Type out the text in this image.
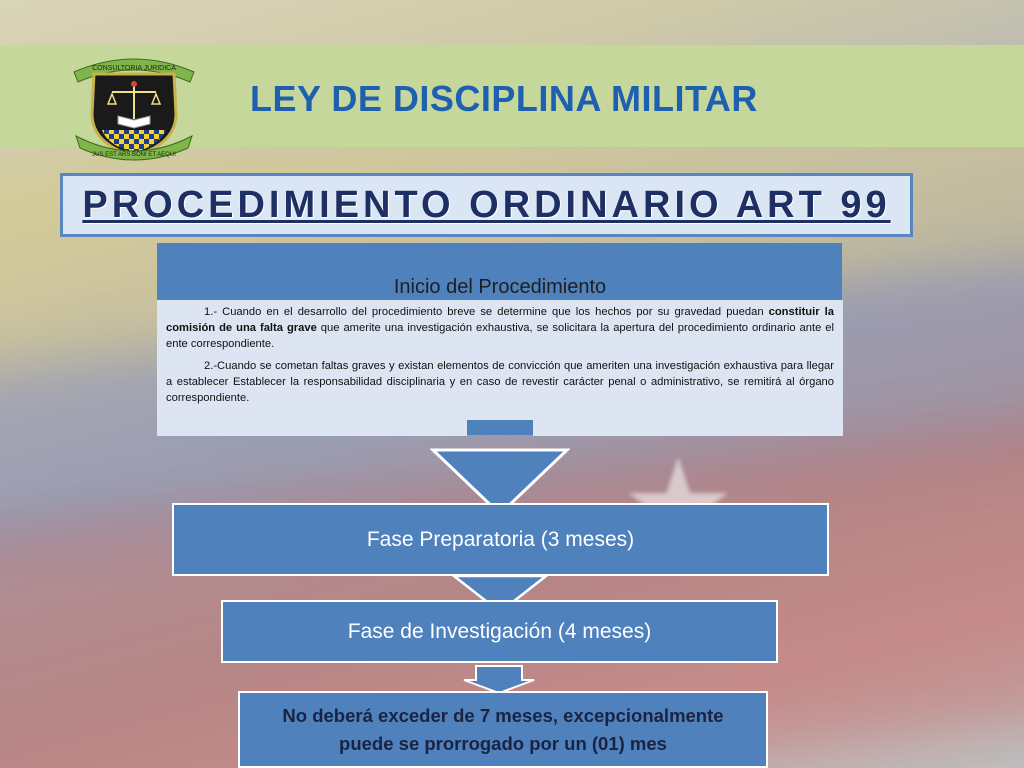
CONSULTORIA JURIDICA
JUS EST ARS BONI ET AEQUI
LEY DE DISCIPLINA MILITAR
PROCEDIMIENTO ORDINARIO ART 99
Inicio del Procedimiento

1.- Cuando en el desarrollo del procedimiento breve se determine que los hechos por su gravedad puedan constituir la comisión de una falta grave que amerite una investigación exhaustiva, se solicitara la apertura del procedimiento ordinario ante el ente correspondiente.

2.-Cuando se cometan faltas graves y existan elementos de convicción que ameriten una investigación exhaustiva para llegar a establecer Establecer la responsabilidad disciplinaria y en caso de revestir carácter penal o administrativo, se remitirá al órgano correspondiente.

Fase Preparatoria (3 meses)
Fase de Investigación (4 meses)
No deberá exceder de 7 meses, excepcionalmente
puede se prorrogado por un (01) mes
